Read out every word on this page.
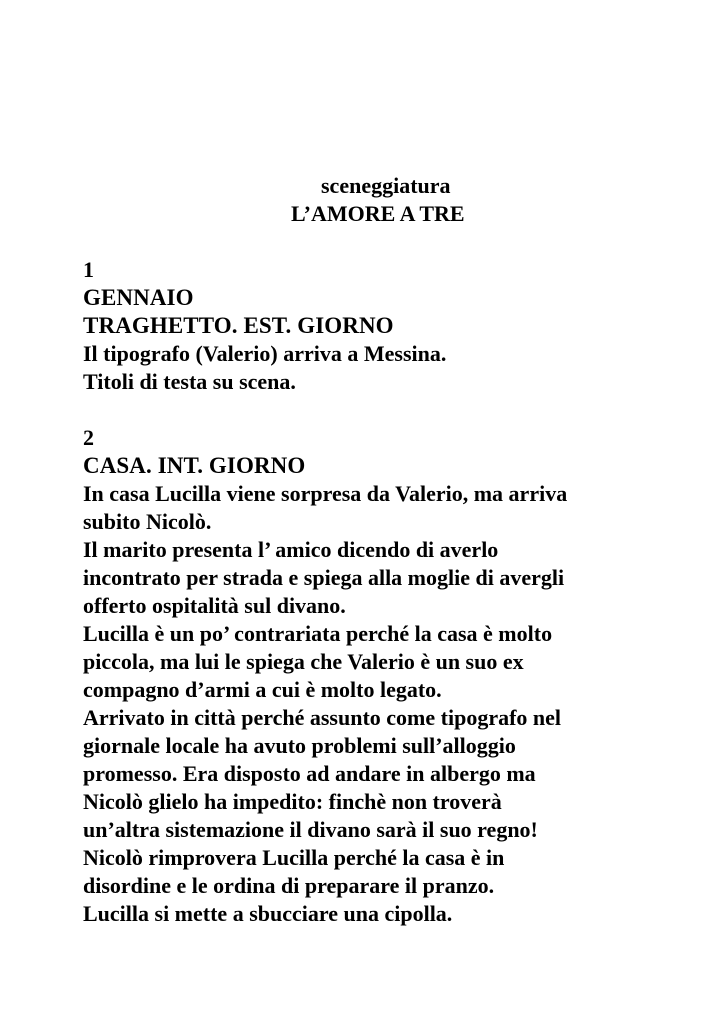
sceneggiatura
L’AMORE A TRE
1
GENNAIO
TRAGHETTO. EST. GIORNO
Il tipografo (Valerio) arriva a Messina.
Titoli di testa su scena.
2
CASA. INT. GIORNO
In casa Lucilla viene sorpresa da Valerio, ma arriva
subito Nicolò.
Il marito presenta l’ amico dicendo di averlo
incontrato per strada e spiega alla moglie di avergli
offerto ospitalità sul divano.
Lucilla è un po’ contrariata perché la casa è molto
piccola, ma lui le spiega che Valerio è un suo ex
compagno d’armi a cui è molto legato.
Arrivato in città perché assunto come tipografo nel
giornale locale ha avuto problemi sull’alloggio
promesso. Era disposto ad andare in albergo ma
Nicolò glielo ha impedito: finchè non troverà
un’altra sistemazione il divano sarà il suo regno!
Nicolò rimprovera Lucilla perché la casa è in
disordine e le ordina di preparare il pranzo.
Lucilla si mette a sbucciare una cipolla.
